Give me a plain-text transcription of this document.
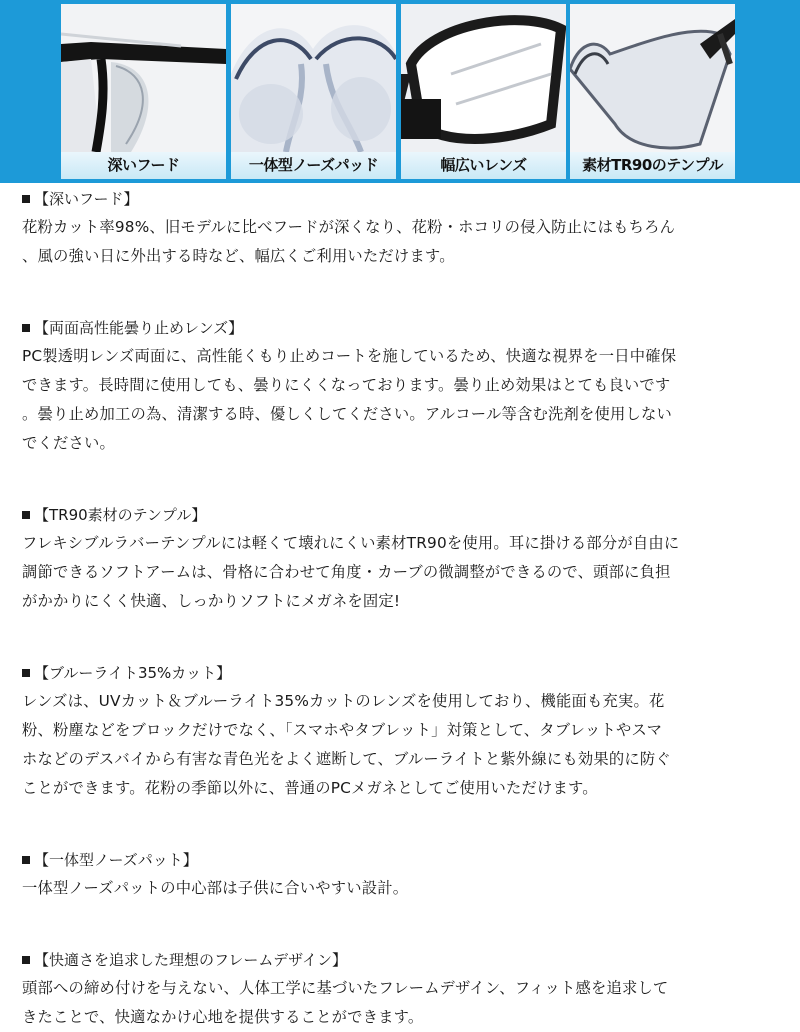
深いフード	一体型ノーズパッド	幅広いレンズ	素材TR90のテンプル
【深いフード】
花粉カット率98%、旧モデルに比べフードが深くなり、花粉・ホコリの侵入防止にはもちろん
、風の強い日に外出する時など、幅広くご利用いただけます。
【両面高性能曇り止めレンズ】
PC製透明レンズ両面に、高性能くもり止めコートを施しているため、快適な視界を一日中確保
できます。長時間に使用しても、曇りにくくなっております。曇り止め効果はとても良いです
。曇り止め加工の為、清潔する時、優しくしてください。アルコール等含む洗剤を使用しない
でください。
【TR90素材のテンプル】
フレキシブルラバーテンプルには軽くて壊れにくい素材TR90を使用。耳に掛ける部分が自由に
調節できるソフトアームは、骨格に合わせて角度・カーブの微調整ができるので、頭部に負担
がかかりにくく快適、しっかりソフトにメガネを固定!
【ブルーライト35%カット】
レンズは、UVカット＆ブルーライト35%カットのレンズを使用しており、機能面も充実。花
粉、粉塵などをブロックだけでなく、「スマホやタブレット」対策として、タブレットやスマ
ホなどのデスバイから有害な青色光をよく遮断して、ブルーライトと紫外線にも効果的に防ぐ
ことができます。花粉の季節以外に、普通のPCメガネとしてご使用いただけます。
【一体型ノーズパット】
一体型ノーズパットの中心部は子供に合いやすい設計。
【快適さを追求した理想のフレームデザイン】
頭部への締め付けを与えない、人体工学に基づいたフレームデザイン、フィット感を追求して
きたことで、快適なかけ心地を提供することができます。
